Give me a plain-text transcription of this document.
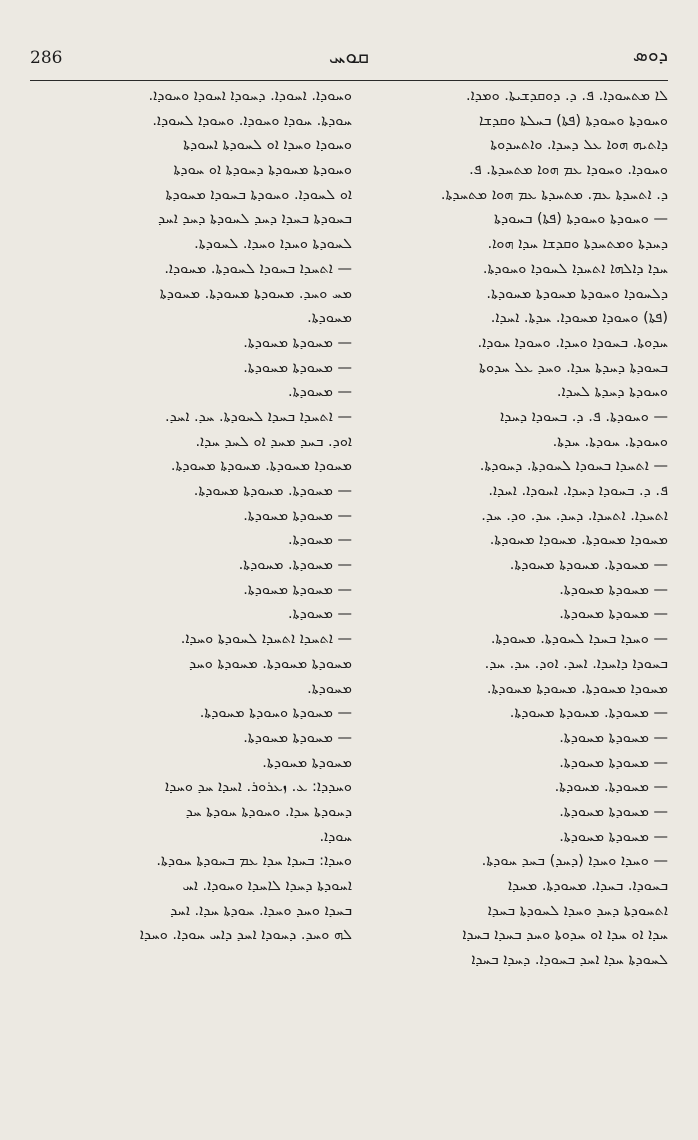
286	ܩܘܚ	ܕܘܣ
ܠܐ ܡܬܚܘܕܐ. ܦ. ܕ. ܕܘܩܕܫܝܬܐ. ܘܡܕܐ.
ܘܚܘܕܬܐ ܘܚܘܕܬܐ (ܦܬܐ) ܒܚܠܬܐ ܘܩܕܫܐ
ܕܐܬܝܗ ܗܘܐ ܥܠ ܕܚܕܐ. ܘܐܬܚܕܘܬܐ
ܘܚܘܕܐ. ܘܚܘܕܐ ܥܡ ܗܘܐ ܡܬܚܕܬܐ. ܦ.
ܕ. ܐܬܚܕܬܐ ܥܡ. ܡܬܚܕܬܐ ܥܡ ܗܘܐ ܡܬܚܕܬܐ.
— ܘܚܘܕܬܐ ܘܚܘܕܬܐ (ܦܬܐ) ܒܚܘܕܬܐ
ܕܚܕܬܐ ܘܡܬܚܕܬܐ ܘܩܕܫܐ ܚܕܐ ܗܘܐ.
ܚܕܐ ܕܐܠܗܐ ܐܬܚܕܐ ܠܚܘܕܐ ܘܚܘܕܬܐ.
ܕܠܚܘܕܐ ܘܚܘܕܬܐ ܡܚܘܕܬܐ ܡܚܘܕܬܐ.
(ܦܬܐ) ܘܚܘܕܐ ܡܚܘܕܐ. ܚܕܬܐ. ܐܚܕܐ.
ܚܕܘܬܐ. ܒܚܘܕܐ ܘܚܕܐ. ܘܚܘܕܐ ܚܘܕܐ.
ܒܚܘܕܬܐ ܕܚܕܬܐ ܚܕܐ. ܘܚܕ ܥܠ ܚܕܘܬܐ
ܘܚܘܕܬܐ ܕܚܕܬܐ ܠܚܕܐ.
— ܘܚܘܕܬܐ. ܦ. ܕ. ܒܚܘܕܐ ܕܚܕܐ
ܘܚܘܕܬܐ. ܚܘܕܬܐ. ܚܕܬܐ.
— ܐܬܚܕܐ ܒܚܘܕܐ ܠܚܘܕܬܐ. ܕܚܘܕܬܐ.
ܦ. ܕ. ܒܚܘܕܐ ܕܚܕܐ. ܐܚܘܕܐ. ܐܚܕܐ.
ܐܬܚܕܐ. ܐܬܚܕܐ. ܕܚܕ. ܚܕ. ܘܕ. ܚܕ.
ܡܚܘܕܐ ܡܚܘܕܬܐ. ܡܚܘܕܐ ܡܚܘܕܬܐ.
— ܡܚܘܕܬܐ. ܡܚܘܕܬܐ ܡܚܘܕܬܐ.
— ܡܚܘܕܬܐ ܡܚܘܕܬܐ.
— ܡܚܘܕܬܐ ܡܚܘܕܬܐ.
— ܘܚܕܐ ܒܚܕܐ ܠܚܘܕܬܐ. ܡܚܘܕܬܐ.
ܒܚܘܕܐ ܕܐܚܕܐ. ܐܚܕ. ܐܘܕ. ܚܕ. ܚܕ.
ܡܚܘܕܐ ܡܚܘܕܬܐ. ܡܚܘܕܬܐ ܡܚܘܕܬܐ.
— ܡܚܘܕܬܐ. ܡܚܘܕܬܐ ܡܚܘܕܬܐ.
— ܡܚܘܕܬܐ ܡܚܘܕܬܐ.
— ܡܚܘܕܬܐ ܡܚܘܕܬܐ.
— ܡܚܘܕܬܐ. ܡܚܘܕܬܐ.
— ܡܚܘܕܬܐ ܡܚܘܕܬܐ.
— ܡܚܘܕܬܐ ܡܚܘܕܬܐ.
— ܘܚܕܐ ܘܚܕܐ (ܕܚܕ) ܒܚܕ ܚܘܕܬܐ.
ܒܚܘܕܐ. ܒܚܕܐ. ܡܚܘܕܬܐ. ܡܚܕܐ
ܐܬܚܘܕܬܐ ܕܚܕ ܘܚܕܐ ܠܚܘܕܬܐ ܒܚܕܐ
ܚܕܐ ܐܘ ܚܕܐ ܐܘ ܚܕܘܬܐ ܘܚܕ ܒܚܕܐ ܒܚܕܐ
ܠܚܘܕܬܐ ܚܕܐ ܐܚܕ ܒܚܘܕܐ. ܕܚܕܐ ܒܚܕܐ
ܘܚܘܕܐ. ܐܚܘܕܐ. ܕܚܘܕܐ ܐܚܘܕܐ ܘܚܘܕܐ.
ܚܘܕܬܐ. ܚܘܕܐ ܘܚܘܕܐ. ܘܚܘܕܐ ܠܚܘܕܐ.
ܘܚܘܕܐ ܘܚܕܐ ܐܘ ܠܚܘܕܬܐ ܐܚܘܕܬܐ
ܘܚܘܕܬܐ ܡܚܘܕܬܐ ܕܚܘܕܬܐ ܐܘ ܚܘܕܬܐ
ܐܘ ܠܚܘܕܐ. ܘܚܘܕܬܐ ܒܚܘܕܐ ܡܚܘܕܬܐ
ܒܚܘܕܬܐ ܒܚܕܐ ܕܚܕ ܠܚܘܕܬܐ ܕܚܕ ܐܚܕ
ܠܚܘܕܬܐ ܘܚܕܐ ܘܚܕܐ. ܠܚܘܕܬܐ.
— ܐܬܚܕܐ ܒܚܘܕܐ ܠܚܘܕܬܐ. ܡܚܘܕܐ.
ܡܚ ܘܚܕ. ܡܚܘܕܬܐ ܡܚܘܕܬܐ. ܡܚܘܕܬܐ
ܡܚܘܕܬܐ.
— ܡܚܘܕܬܐ ܡܚܘܕܬܐ.
— ܡܚܘܕܬܐ ܡܚܘܕܬܐ.
— ܡܚܘܕܬܐ.
— ܐܬܚܕܐ ܒܚܕܐ ܠܚܘܕܬܐ. ܚܕ. ܐܚܕ.
ܐܘܕ. ܒܚܕ ܡܚܕ ܐܘ ܠܚܕ ܚܕܐ.
ܡܚܘܕܐ ܡܚܘܕܬܐ. ܡܚܘܕܬܐ ܡܚܘܕܬܐ.
— ܡܚܘܕܬܐ. ܡܚܘܕܬܐ ܡܚܘܕܬܐ.
— ܡܚܘܕܬܐ ܡܚܘܕܬܐ.
— ܡܚܘܕܬܐ.
— ܡܚܘܕܬܐ. ܡܚܘܕܬܐ.
— ܡܚܘܕܬܐ ܡܚܘܕܬܐ.
— ܡܚܘܕܬܐ.
— ܐܬܚܕܐ ܐܬܚܕܐ ܠܚܘܕܬܐ ܘܚܕܐ.
ܡܚܘܕܬܐ ܡܚܘܕܬܐ. ܡܚܘܕܬܐ ܘܚܕ
ܡܚܘܕܬܐ.
— ܡܚܘܕܬܐ ܘܚܘܕܬܐ ܡܚܘܕܬܐ.
— ܡܚܘܕܬܐ ܡܚܘܕܬܐ.
ܡܚܘܕܬܐ ܡܚܘܕܬܐ.
ܘܚܕܕܐ: ܥ. ܙܥܪܘܪ. ܐܚܕܐ ܚܕ ܘܚܕܐ
ܕܚܘܕܬܐ ܚܕܐ. ܘܚܘܕܬܐ ܚܘܕܬܐ ܚܕ
ܚܘܕܐ.
ܘܚܕܐ: ܒܚܕܐ ܚܕܐ ܥܡ ܒܚܘܕܬܐ ܚܘܕܬܐ.
ܐܚܘܕܬܐ ܕܚܕܐ ܠܐܚܕܐ ܘܚܘܕܐ. ܐܚ
ܒܚܕܐ ܘܚܕ ܘܚܕܐ. ܚܘܕܬܐ ܚܕܐ. ܐܚܕ
ܠܗ ܘܚܕ. ܕܚܘܕܐ ܐܚܕ ܕܐܚ ܚܘܕܐ. ܘܚܕܐ
